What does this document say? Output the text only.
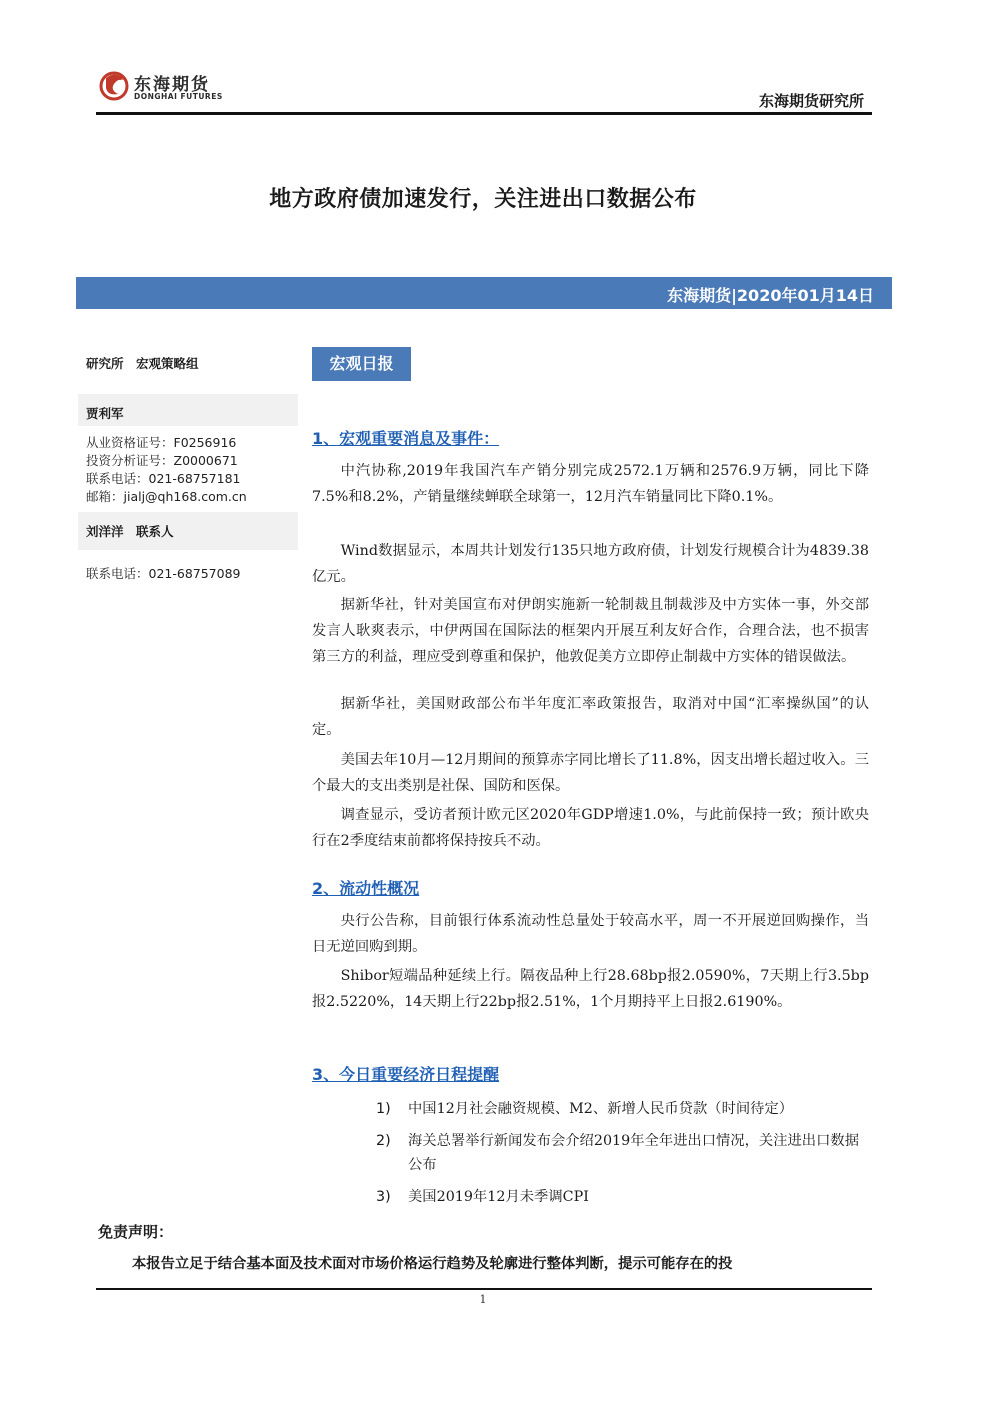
东海期货
DONGHAI FUTURES	东海期货研究所
地方政府债加速发行，关注进出口数据公布
东海期货|2020年01月14日
研究所　宏观策略组
贾利军
从业资格证号：F0256916
投资分析证号：Z0000671
联系电话：021-68757181
邮箱：jialj@qh168.com.cn
刘洋洋　联系人
联系电话：021-68757089
宏观日报
1、宏观重要消息及事件：
中汽协称,2019年我国汽车产销分别完成2572.1万辆和2576.9万辆，同比下降7.5%和8.2%，产销量继续蝉联全球第一，12月汽车销量同比下降0.1%。
Wind数据显示，本周共计划发行135只地方政府债，计划发行规模合计为4839.38亿元。
据新华社，针对美国宣布对伊朗实施新一轮制裁且制裁涉及中方实体一事，外交部发言人耿爽表示，中伊两国在国际法的框架内开展互利友好合作，合理合法，也不损害第三方的利益，理应受到尊重和保护，他敦促美方立即停止制裁中方实体的错误做法。
据新华社，美国财政部公布半年度汇率政策报告，取消对中国“汇率操纵国”的认定。
美国去年10月—12月期间的预算赤字同比增长了11.8%，因支出增长超过收入。三个最大的支出类别是社保、国防和医保。
调查显示，受访者预计欧元区2020年GDP增速1.0%，与此前保持一致；预计欧央行在2季度结束前都将保持按兵不动。
2、流动性概况
央行公告称，目前银行体系流动性总量处于较高水平，周一不开展逆回购操作，当日无逆回购到期。
Shibor短端品种延续上行。隔夜品种上行28.68bp报2.0590%，7天期上行3.5bp报2.5220%，14天期上行22bp报2.51%，1个月期持平上日报2.6190%。
3、今日重要经济日程提醒
1) 中国12月社会融资规模、M2、新增人民币贷款（时间待定）
2) 海关总署举行新闻发布会介绍2019年全年进出口情况，关注进出口数据公布
3) 美国2019年12月未季调CPI
免责声明：
本报告立足于结合基本面及技术面对市场价格运行趋势及轮廓进行整体判断，提示可能存在的投
1
